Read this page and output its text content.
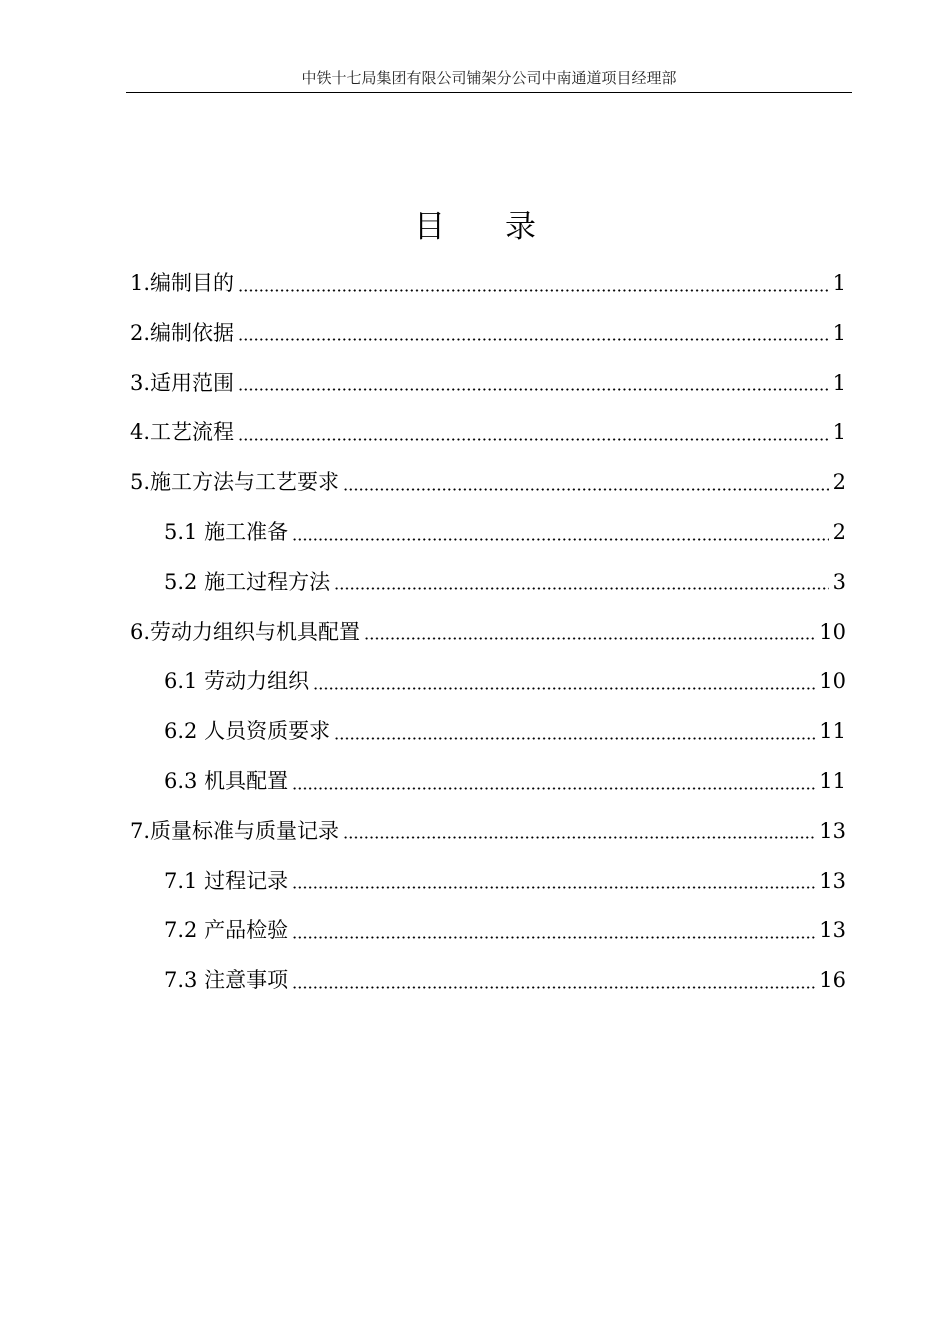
中铁十七局集团有限公司铺架分公司中南通道项目经理部
目录
1.编制目的	1
2.编制依据	1
3.适用范围	1
4.工艺流程	1
5.施工方法与工艺要求	2
5.1 施工准备	2
5.2 施工过程方法	3
6.劳动力组织与机具配置	10
6.1 劳动力组织	10
6.2 人员资质要求	11
6.3 机具配置	11
7.质量标准与质量记录	13
7.1 过程记录	13
7.2 产品检验	13
7.3 注意事项	16
